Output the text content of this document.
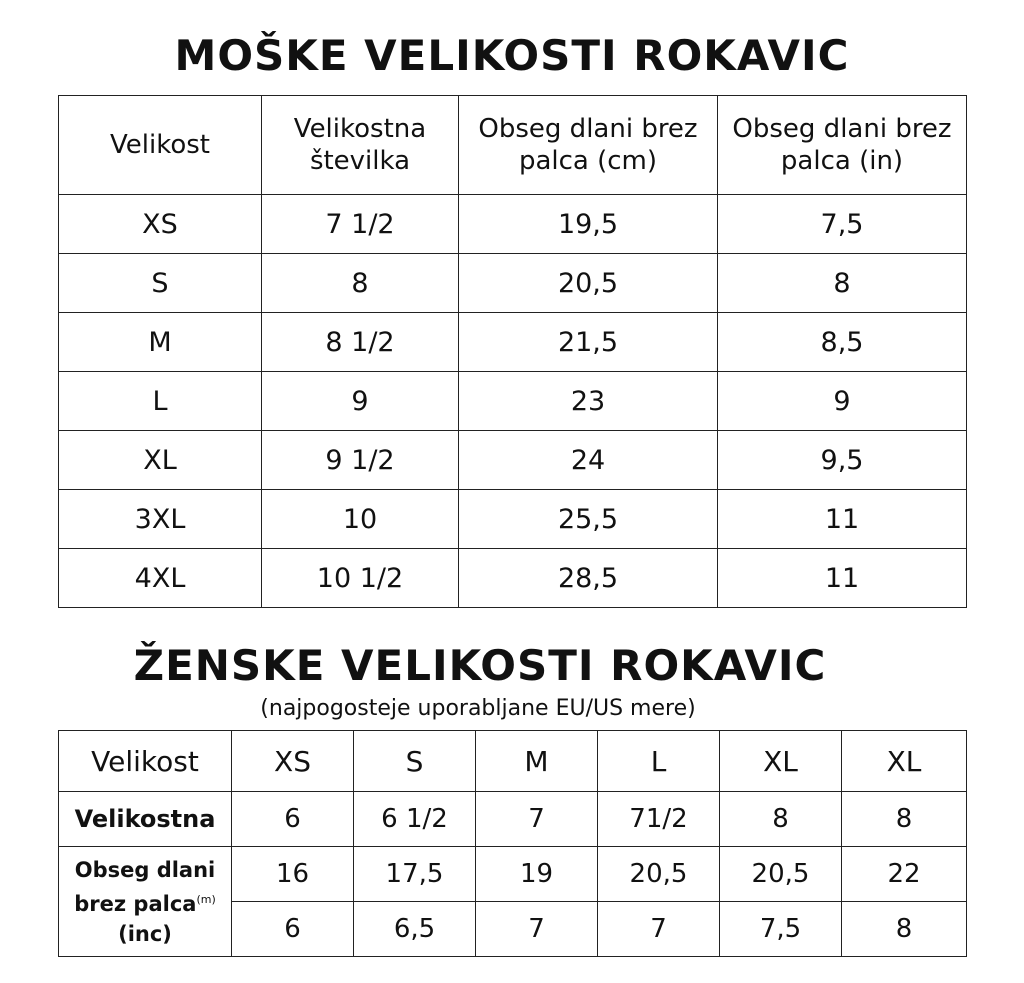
MOŠKE VELIKOSTI ROKAVIC
Velikost	Velikostna številka	Obseg dlani brez palca (cm)	Obseg dlani brez palca (in)
XS	7 1/2	19,5	7,5
S	8	20,5	8
M	8 1/2	21,5	8,5
L	9	23	9
XL	9 1/2	24	9,5
3XL	10	25,5	11
4XL	10 1/2	28,5	11
ŽENSKE VELIKOSTI ROKAVIC
(najpogosteje uporabljane EU/US mere)
Velikost	XS	S	M	L	XL	XL
Velikostna	6	6 1/2	7	71/2	8	8
Obseg dlani
brez palca$^{(m)}$
(inc)	16	17,5	19	20,5	20,5	22
	6	6,5	7	7	7,5	8
